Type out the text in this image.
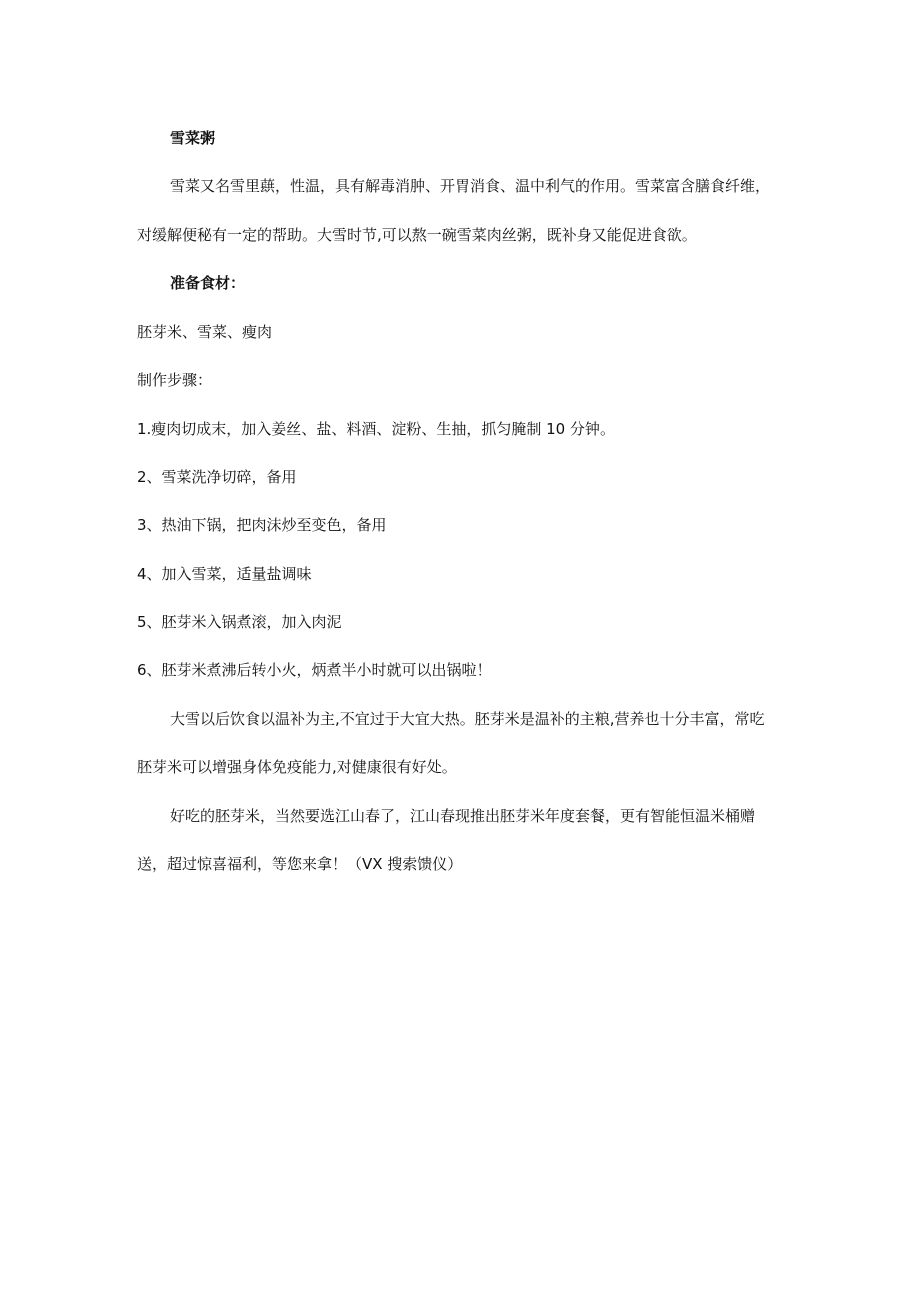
雪菜粥
雪菜又名雪里蕻，性温，具有解毒消肿、开胃消食、温中利气的作用。雪菜富含膳食纤维，
对缓解便秘有一定的帮助。大雪时节,可以熬一碗雪菜肉丝粥，既补身又能促进食欲。
准备食材：
胚芽米、雪菜、瘦肉
制作步骤：
1.瘦肉切成末，加入姜丝、盐、料酒、淀粉、生抽，抓匀腌制 10 分钟。
2、雪菜洗净切碎，备用
3、热油下锅，把肉沫炒至变色，备用
4、加入雪菜，适量盐调味
5、胚芽米入锅煮滚，加入肉泥
6、胚芽米煮沸后转小火，炳煮半小时就可以出锅啦！
大雪以后饮食以温补为主,不宜过于大宜大热。胚芽米是温补的主粮,营养也十分丰富，常吃
胚芽米可以增强身体免疫能力,对健康很有好处。
好吃的胚芽米，当然要选江山春了，江山春现推出胚芽米年度套餐，更有智能恒温米桶赠
送，超过惊喜福利，等您来拿！（VX 搜索馈仪）
